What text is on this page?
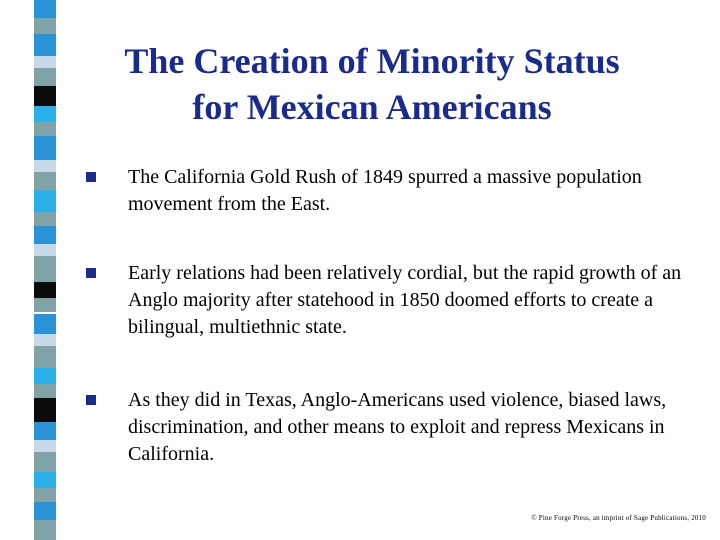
The Creation of Minority Status
for Mexican Americans
The California Gold Rush of 1849 spurred a massive population movement from the East.
Early relations had been relatively cordial, but the rapid growth of an Anglo majority after statehood in 1850 doomed efforts to create a bilingual, multiethnic state.
As they did in Texas, Anglo-Americans used violence, biased laws, discrimination, and other means to exploit and repress Mexicans in California.
© Pine Forge Press, an imprint of Sage Publications, 2010
